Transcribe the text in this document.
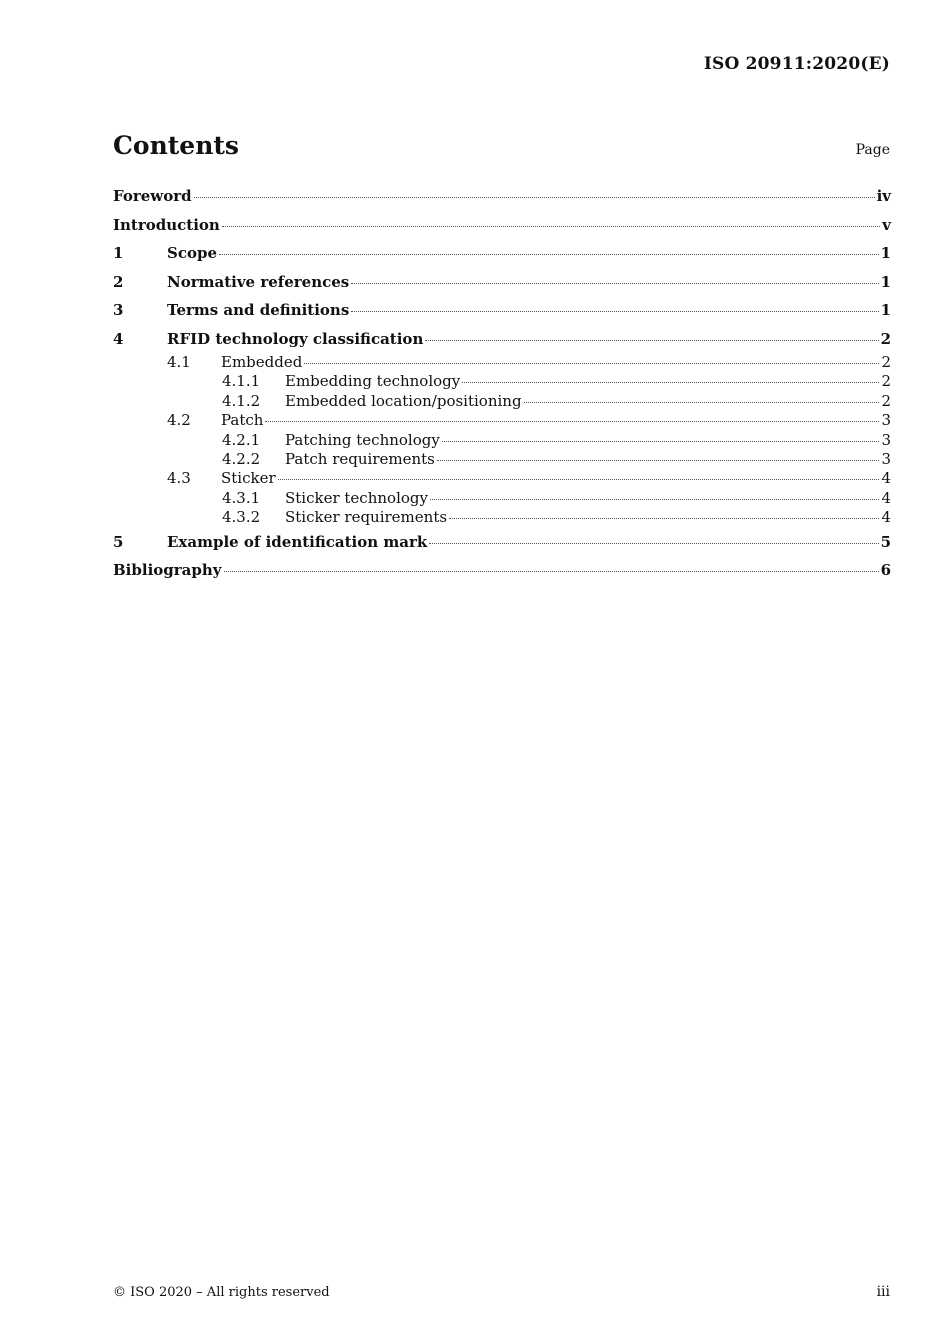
ISO 20911:2020(E)
Contents	Page
Foreword	iv
Introduction	v
1	Scope	1
2	Normative references	1
3	Terms and definitions	1
4	RFID technology classification	2
4.1	Embedded	2
4.1.1	Embedding technology	2
4.1.2	Embedded location/positioning	2
4.2	Patch	3
4.2.1	Patching technology	3
4.2.2	Patch requirements	3
4.3	Sticker	4
4.3.1	Sticker technology	4
4.3.2	Sticker requirements	4
5	Example of identification mark	5
Bibliography	6
© ISO 2020 – All rights reserved	iii
